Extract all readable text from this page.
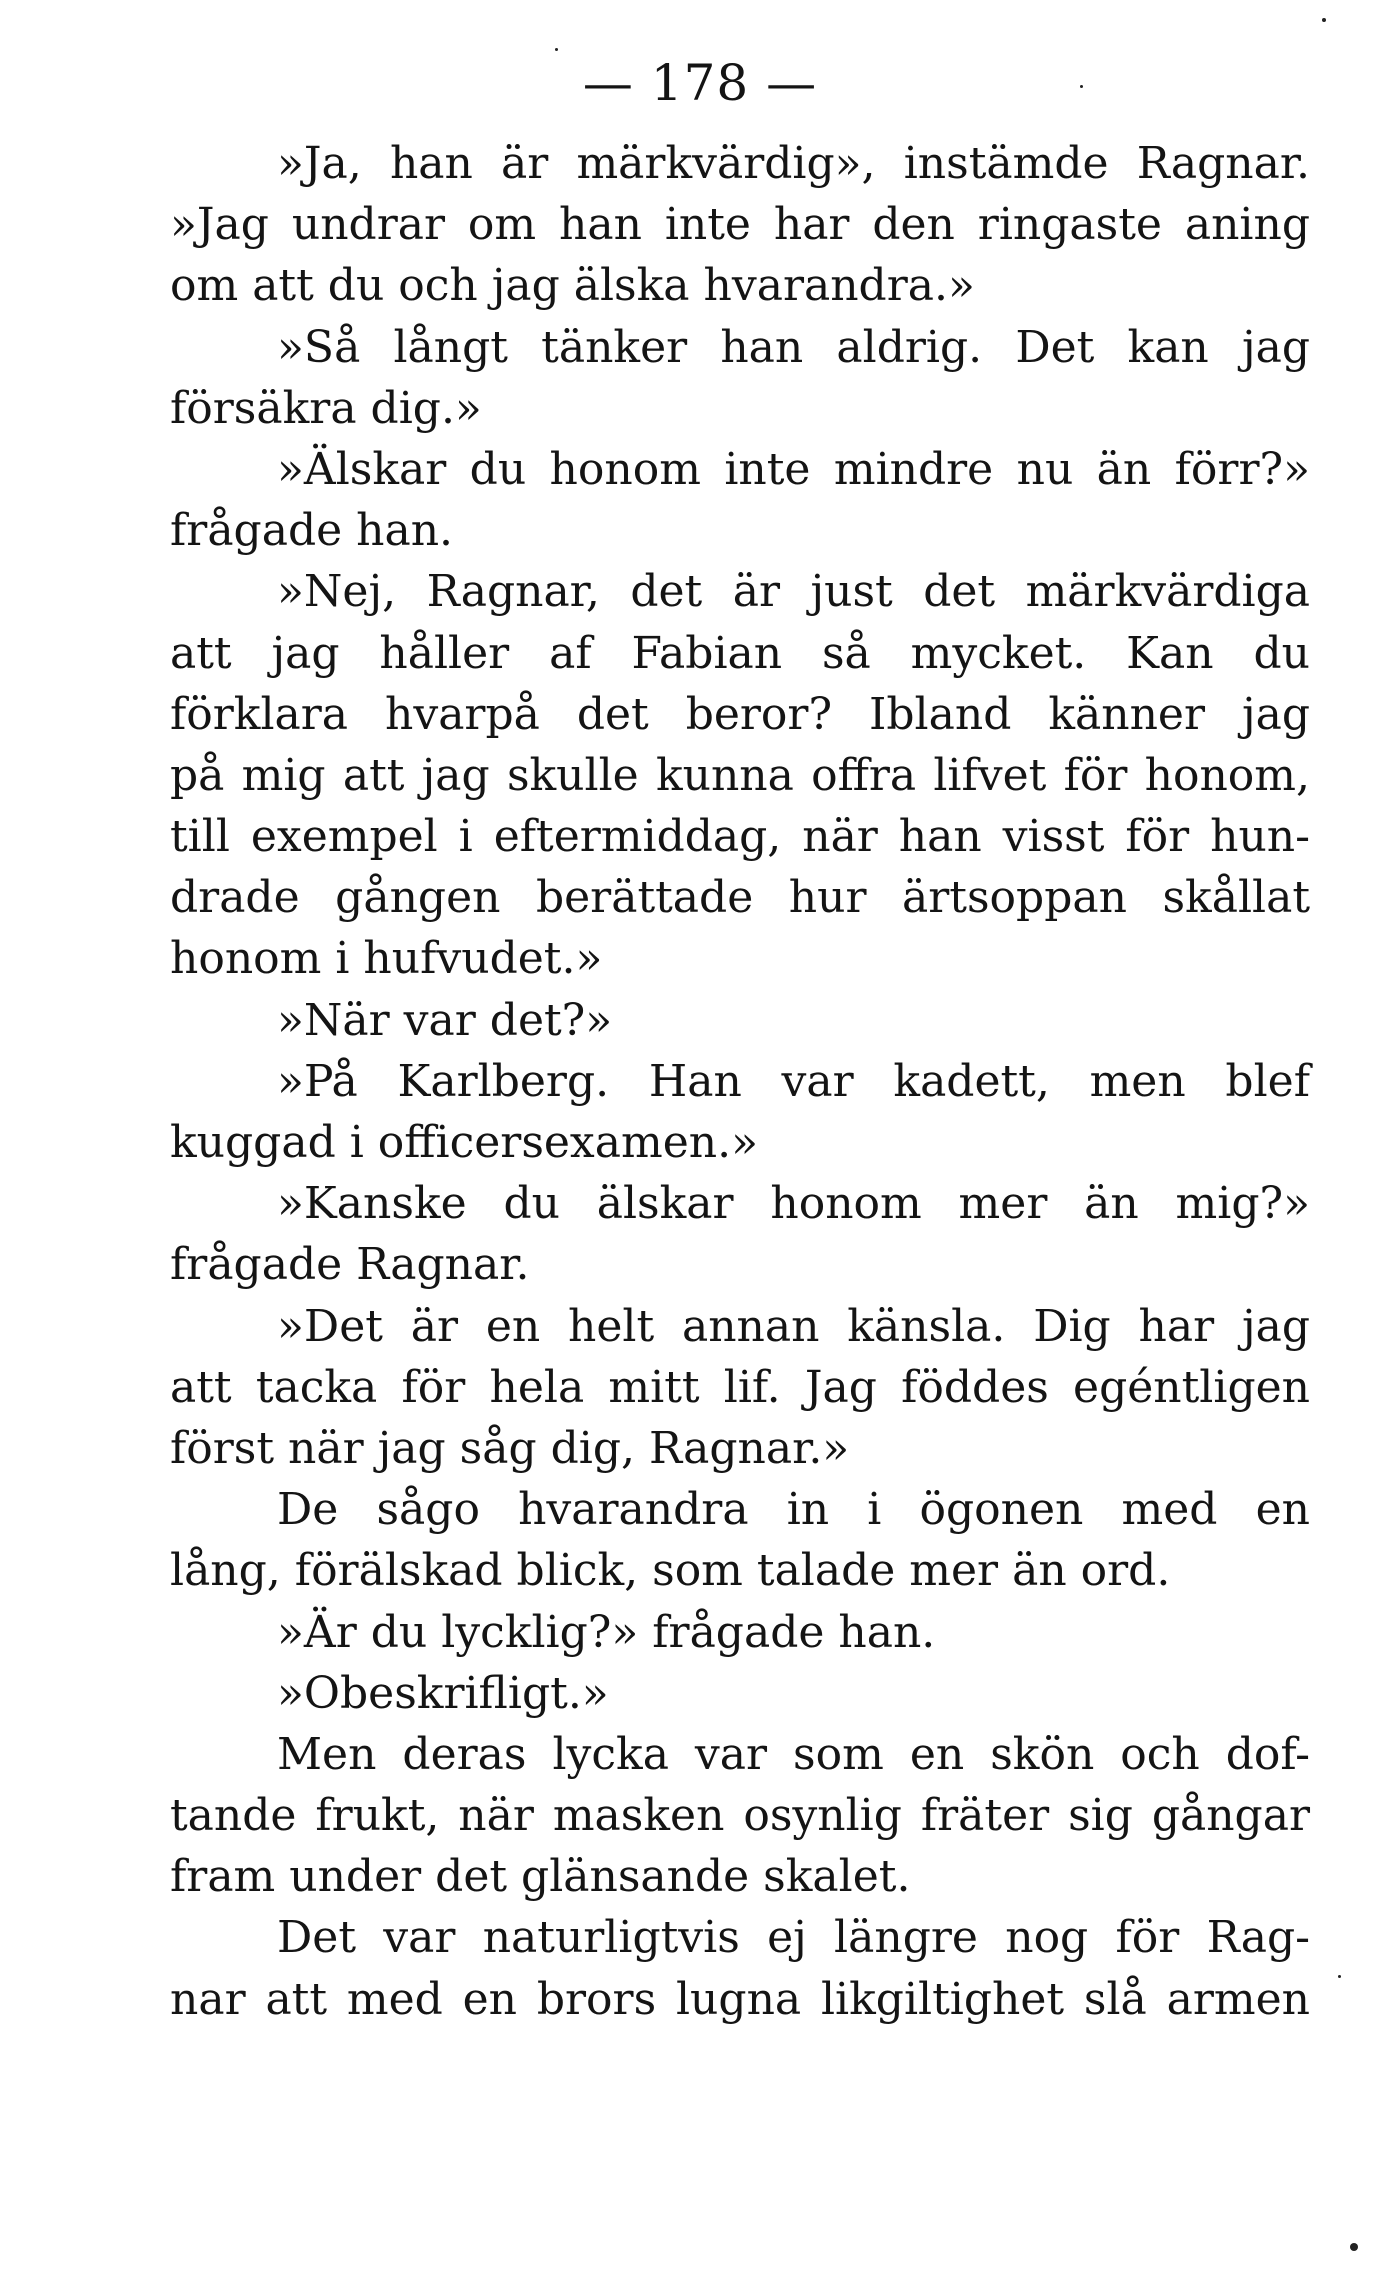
— 178 —
»Ja, han är märkvärdig», instämde Ragnar.
»Jag undrar om han inte har den ringaste aning
om att du och jag älska hvarandra.»
»Så långt tänker han aldrig. Det kan jag
försäkra dig.»
»Älskar du honom inte mindre nu än förr?»
frågade han.
»Nej, Ragnar, det är just det märkvärdiga
att jag håller af Fabian så mycket. Kan du
förklara hvarpå det beror? Ibland känner jag
på mig att jag skulle kunna offra lifvet för honom,
till exempel i eftermiddag, när han visst för hun-
drade gången berättade hur ärtsoppan skållat
honom i hufvudet.»
»När var det?»
»På Karlberg. Han var kadett, men blef
kuggad i officersexamen.»
»Kanske du älskar honom mer än mig?»
frågade Ragnar.
»Det är en helt annan känsla. Dig har jag
att tacka för hela mitt lif. Jag föddes egéntligen
först när jag såg dig, Ragnar.»
De sågo hvarandra in i ögonen med en
lång, förälskad blick, som talade mer än ord.
»Är du lycklig?» frågade han.
»Obeskrifligt.»
Men deras lycka var som en skön och dof-
tande frukt, när masken osynlig fräter sig gångar
fram under det glänsande skalet.
Det var naturligtvis ej längre nog för Rag-
nar att med en brors lugna likgiltighet slå armen
